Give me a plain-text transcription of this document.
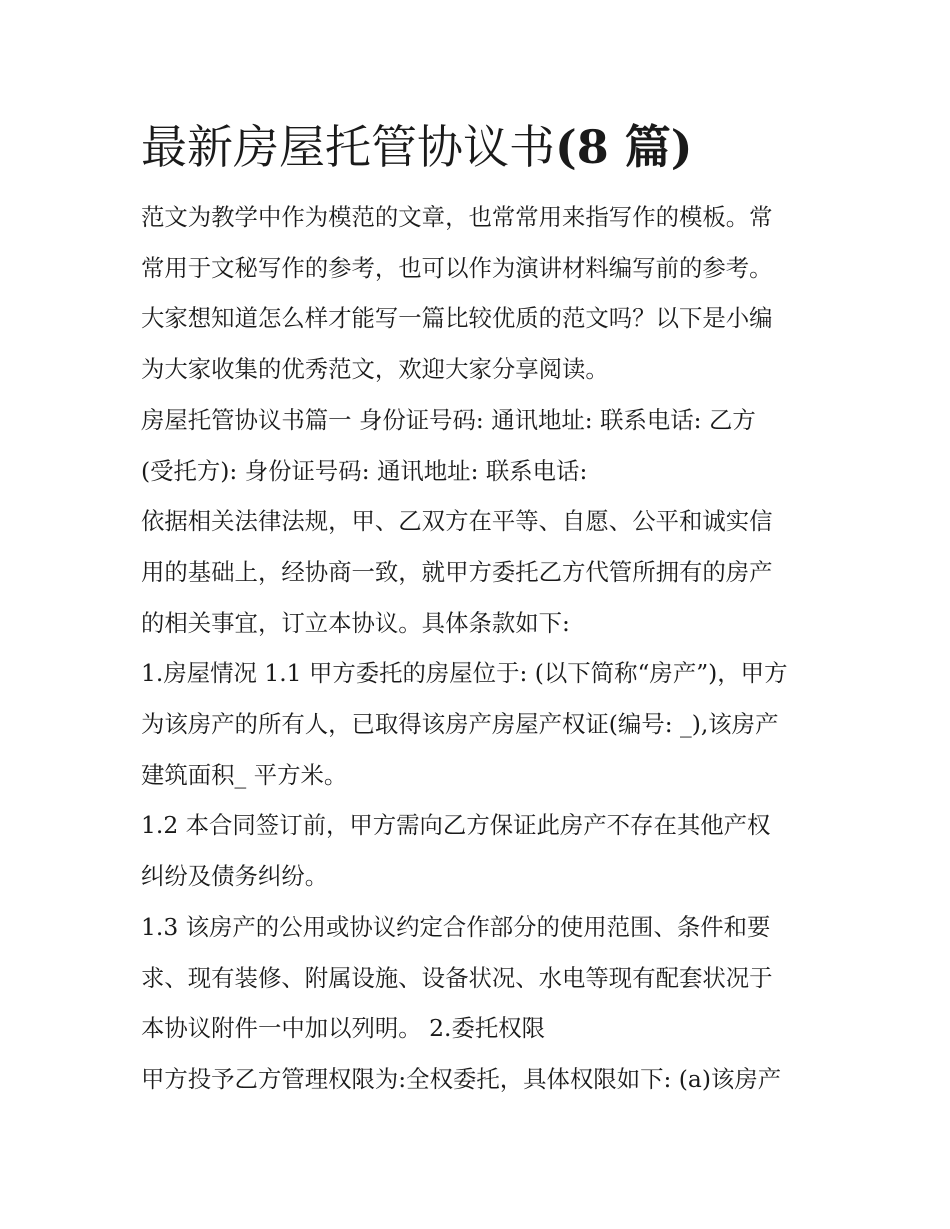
最新房屋托管协议书(8 篇)

范文为教学中作为模范的文章，也常常用来指写作的模板。常
常用于文秘写作的参考，也可以作为演讲材料编写前的参考。
大家想知道怎么样才能写一篇比较优质的范文吗？以下是小编
为大家收集的优秀范文，欢迎大家分享阅读。

房屋托管协议书篇一 身份证号码: 通讯地址: 联系电话: 乙方
(受托方): 身份证号码: 通讯地址: 联系电话:

依据相关法律法规，甲、乙双方在平等、自愿、公平和诚实信
用的基础上，经协商一致，就甲方委托乙方代管所拥有的房产
的相关事宜，订立本协议。具体条款如下:

1.房屋情况 1.1 甲方委托的房屋位于: (以下简称“房产”)，甲方
为该房产的所有人，已取得该房产房屋产权证(编号: _),该房产
建筑面积_ 平方米。

1.2 本合同签订前，甲方需向乙方保证此房产不存在其他产权
纠纷及债务纠纷。

1.3 该房产的公用或协议约定合作部分的使用范围、条件和要
求、现有装修、附属设施、设备状况、水电等现有配套状况于
本协议附件一中加以列明。 2.委托权限

甲方投予乙方管理权限为:全权委托，具体权限如下: (a)该房产
